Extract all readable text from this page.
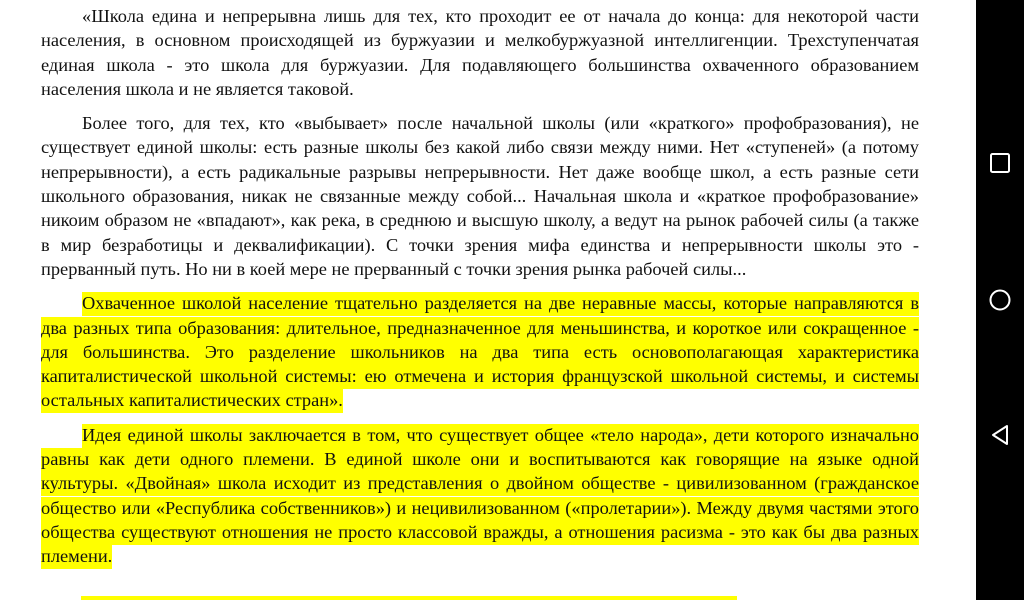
«Школа едина и непрерывна лишь для тех, кто проходит ее от начала до конца: для некоторой части населения, в основном происходящей из буржуазии и мелкобуржуазной интеллигенции. Трехступенчатая единая школа - это школа для буржуазии. Для подавляющего большинства охваченного образованием населения школа и не является таковой.

Более того, для тех, кто «выбывает» после начальной школы (или «краткого» профобразования), не существует единой школы: есть разные школы без какой либо связи между ними. Нет «ступеней» (а потому непрерывности), а есть радикальные разрывы непрерывности. Нет даже вообще школ, а есть разные сети школьного образования, никак не связанные между собой... Начальная школа и «краткое профобразование» никоим образом не «впадают», как река, в среднюю и высшую школу, а ведут на рынок рабочей силы (а также в мир безработицы и деквалификации). С точки зрения мифа единства и непрерывности школы это - прерванный путь. Но ни в коей мере не прерванный с точки зрения рынка рабочей силы...

Охваченное школой население тщательно разделяется на две неравные массы, которые направляются в два разных типа образования: длительное, предназначенное для меньшинства, и короткое или сокращенное - для большинства. Это разделение школьников на два типа есть основополагающая характеристика капиталистической школьной системы: ею отмечена и история французской школьной системы, и системы остальных капиталистических стран».

Идея единой школы заключается в том, что существует общее «тело народа», дети которого изначально равны как дети одного племени. В единой школе они и воспитываются как говорящие на языке одной культуры. «Двойная» школа исходит из представления о двойном обществе - цивилизованном (гражданское общество или «Республика собственников») и нецивилизованном («пролетарии»). Между двумя частями этого общества существуют отношения не просто классовой вражды, а отношения расизма - это как бы два разных племени.
